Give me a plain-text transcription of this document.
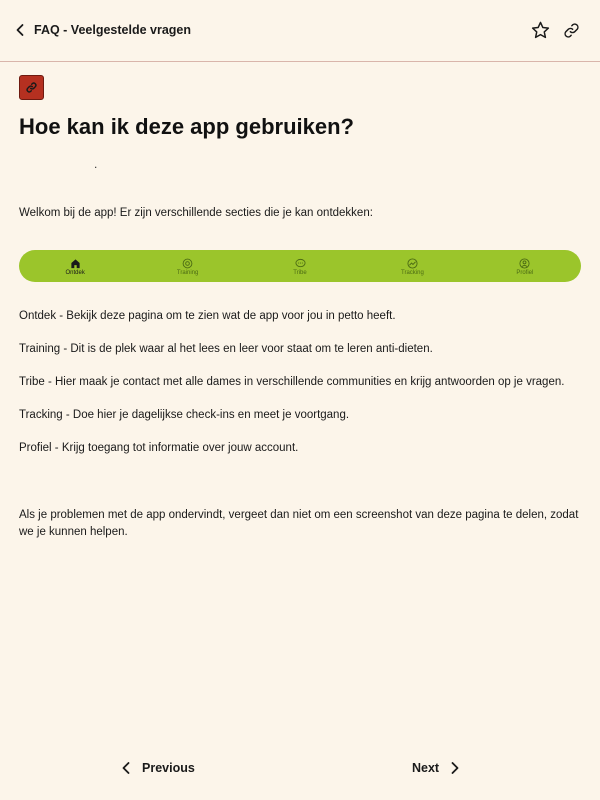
FAQ - Veelgestelde vragen
Hoe kan ik deze app gebruiken?
.
Welkom bij de app! Er zijn verschillende secties die je kan ontdekken:
Ontdek	Training	Tribe	Tracking	Profiel
Ontdek - Bekijk deze pagina om te zien wat de app voor jou in petto heeft.
Training - Dit is de plek waar al het lees en leer voor staat om te leren anti-dieten.
Tribe - Hier maak je contact met alle dames in verschillende communities en krijg antwoorden op je vragen.
Tracking - Doe hier je dagelijkse check-ins en meet je voortgang.
Profiel - Krijg toegang tot informatie over jouw account.
Als je problemen met de app ondervindt, vergeet dan niet om een screenshot van deze pagina te delen, zodat we je kunnen helpen.
Previous	Next
